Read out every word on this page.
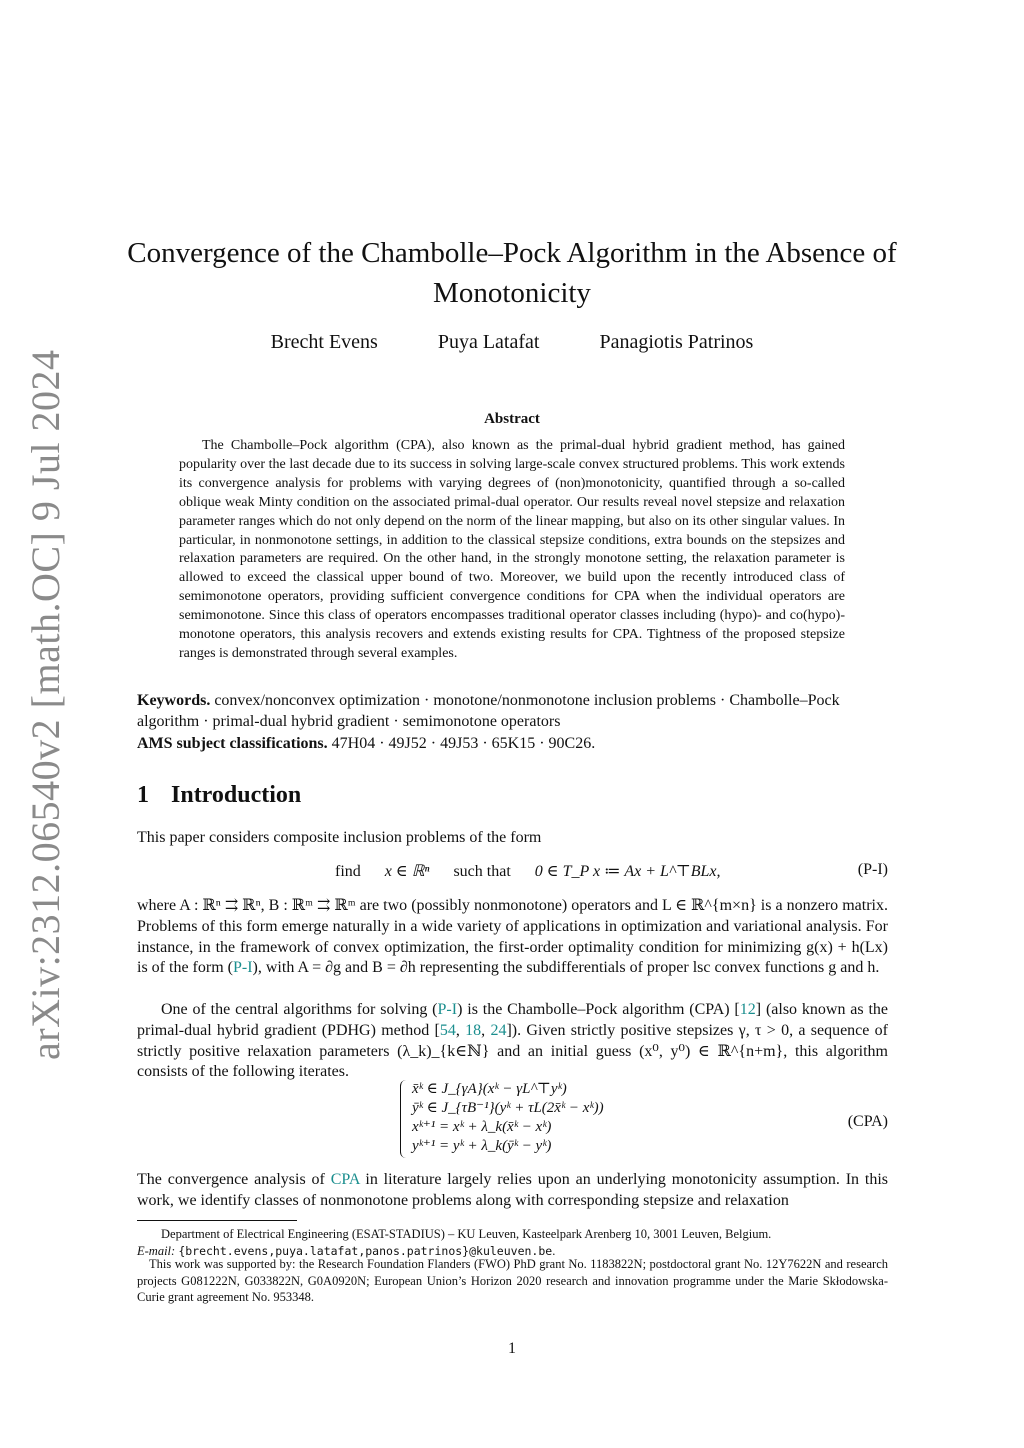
arXiv:2312.06540v2 [math.OC] 9 Jul 2024
Convergence of the Chambolle–Pock Algorithm in the Absence of Monotonicity
Brecht Evens	Puya Latafat	Panagiotis Patrinos
Abstract
The Chambolle–Pock algorithm (CPA), also known as the primal-dual hybrid gradient method, has gained popularity over the last decade due to its success in solving large-scale convex structured problems. This work extends its convergence analysis for problems with varying degrees of (non)monotonicity, quantified through a so-called oblique weak Minty condition on the associated primal-dual operator. Our results reveal novel stepsize and relaxation parameter ranges which do not only depend on the norm of the linear mapping, but also on its other singular values. In particular, in nonmonotone settings, in addition to the classical stepsize conditions, extra bounds on the stepsizes and relaxation parameters are required. On the other hand, in the strongly monotone setting, the relaxation parameter is allowed to exceed the classical upper bound of two. Moreover, we build upon the recently introduced class of semimonotone operators, providing sufficient convergence conditions for CPA when the individual operators are semimonotone. Since this class of operators encompasses traditional operator classes including (hypo)- and co(hypo)-monotone operators, this analysis recovers and extends existing results for CPA. Tightness of the proposed stepsize ranges is demonstrated through several examples.
Keywords. convex/nonconvex optimization · monotone/nonmonotone inclusion problems · Chambolle–Pock algorithm · primal-dual hybrid gradient · semimonotone operators
AMS subject classifications. 47H04 · 49J52 · 49J53 · 65K15 · 90C26.
1 Introduction
This paper considers composite inclusion problems of the form
find x ∈ ℝⁿ such that 0 ∈ T_P x ≔ Ax + L^⊤BLx,	(P-I)
where A : ℝⁿ ⇉ ℝⁿ, B : ℝᵐ ⇉ ℝᵐ are two (possibly nonmonotone) operators and L ∈ ℝ^{m×n} is a nonzero matrix. Problems of this form emerge naturally in a wide variety of applications in optimization and variational analysis. For instance, in the framework of convex optimization, the first-order optimality condition for minimizing g(x) + h(Lx) is of the form (P-I), with A = ∂g and B = ∂h representing the subdifferentials of proper lsc convex functions g and h.
One of the central algorithms for solving (P-I) is the Chambolle–Pock algorithm (CPA) [12] (also known as the primal-dual hybrid gradient (PDHG) method [54, 18, 24]). Given strictly positive stepsizes γ, τ > 0, a sequence of strictly positive relaxation parameters (λ_k)_{k∈ℕ} and an initial guess (x⁰, y⁰) ∈ ℝ^{n+m}, this algorithm consists of the following iterates.
x̄ᵏ ∈ J_{γA}(xᵏ − γL^⊤yᵏ)
ȳᵏ ∈ J_{τB⁻¹}(yᵏ + τL(2x̄ᵏ − xᵏ))
xᵏ⁺¹ = xᵏ + λ_k(x̄ᵏ − xᵏ)
yᵏ⁺¹ = yᵏ + λ_k(ȳᵏ − yᵏ)
(CPA)
The convergence analysis of CPA in literature largely relies upon an underlying monotonicity assumption. In this work, we identify classes of nonmonotone problems along with corresponding stepsize and relaxation
Department of Electrical Engineering (ESAT-STADIUS) – KU Leuven, Kasteelpark Arenberg 10, 3001 Leuven, Belgium.
E-mail: {brecht.evens,puya.latafat,panos.patrinos}@kuleuven.be.
This work was supported by: the Research Foundation Flanders (FWO) PhD grant No. 1183822N; postdoctoral grant No. 12Y7622N and research projects G081222N, G033822N, G0A0920N; European Union’s Horizon 2020 research and innovation programme under the Marie Skłodowska-Curie grant agreement No. 953348.
1
